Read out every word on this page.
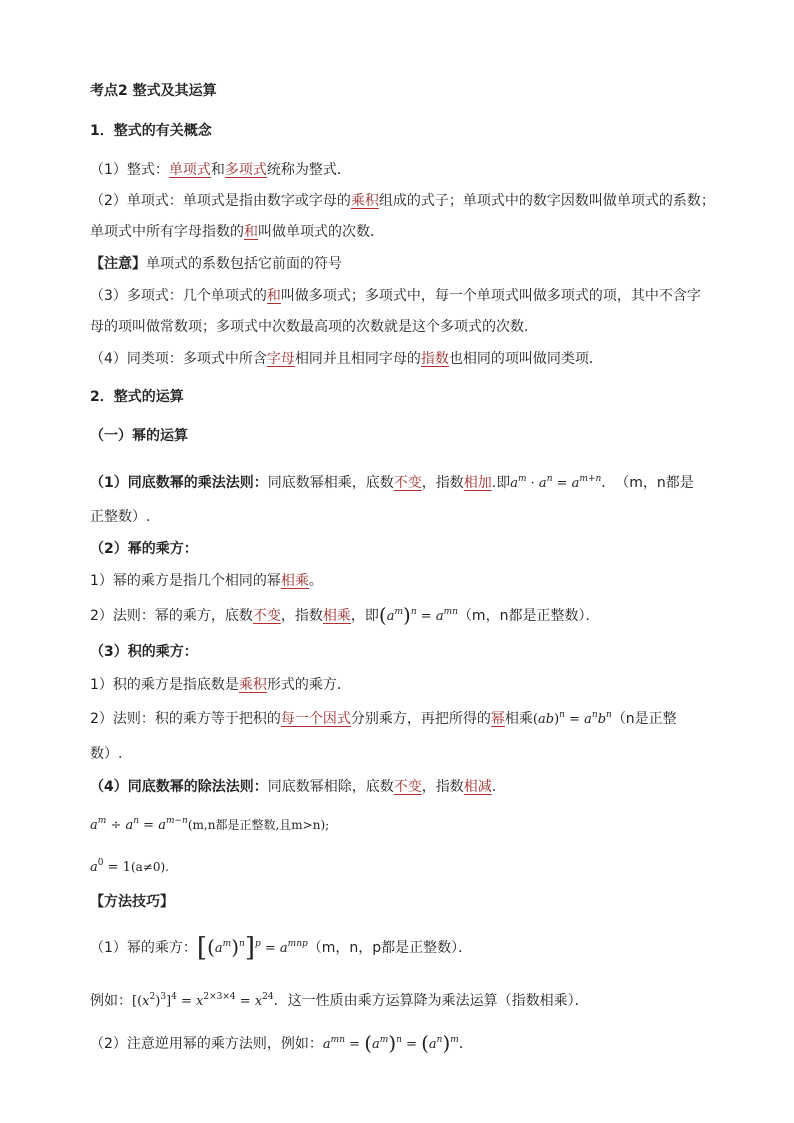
考点2 整式及其运算
1．整式的有关概念
（1）整式：单项式和多项式统称为整式．
（2）单项式：单项式是指由数字或字母的乘积组成的式子；单项式中的数字因数叫做单项式的系数；
单项式中所有字母指数的和叫做单项式的次数．
【注意】单项式的系数包括它前面的符号
（3）多项式：几个单项式的和叫做多项式；多项式中，每一个单项式叫做多项式的项，其中不含字
母的项叫做常数项；多项式中次数最高项的次数就是这个多项式的次数．
（4）同类项：多项式中所含字母相同并且相同字母的指数也相同的项叫做同类项．
2．整式的运算
（一）幂的运算
（1）同底数幂的乘法法则：同底数幂相乘，底数不变，指数相加.即$a^m \cdot a^n = a^{m+n}$．　（m，n都是
正整数）.
（2）幂的乘方：
1）幂的乘方是指几个相同的幂相乘。
2）法则：幂的乘方，底数不变，指数相乘，即$(a^m)^n = a^{mn}(m$，n都是正整数）．
（3）积的乘方：
1）积的乘方是指底数是乘积形式的乘方．
2）法则：积的乘方等于把积的每一个因式分别乘方，再把所得的幂相乘$(ab)^n = a^nb^n(n$是正整
数）.
（4）同底数幂的除法法则：同底数幂相除，底数不变，指数相减.
$a^m \div a^n = a^{m-n}(m,n$都是正整数,且m>n);
$a^0 = 1(a\ne 0)$.
【方法技巧】
（1）幂的乘方：$[(a^m)^n]^p = a^{mnp}(m$，n，p都是正整数）．
例如：$[(x^2)^3]^4 = x^{2\times 3\times 4} = x^{24}$．这一性质由乘方运算降为乘法运算（指数相乘）．
（2）注意逆用幂的乘方法则，例如：$a^{mn} = (a^m)^n = (a^n)^m$．
